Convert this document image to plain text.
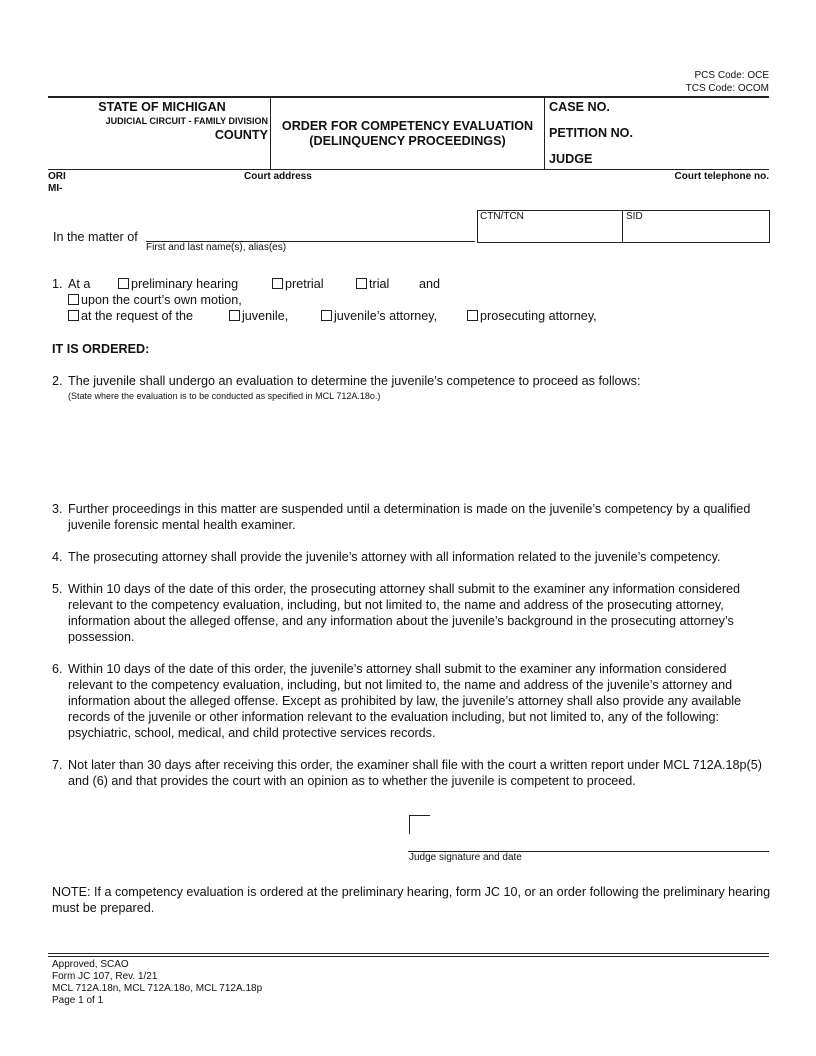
PCS Code: OCE
TCS Code: OCOM
STATE OF MICHIGAN
JUDICIAL CIRCUIT - FAMILY DIVISION
COUNTY
ORDER FOR COMPETENCY EVALUATION
(DELINQUENCY PROCEEDINGS)
CASE NO.
PETITION NO.
JUDGE
ORI
MI-
Court address	Court telephone no.
In the matter of
First and last name(s), alias(es)
CTN/TCN	SID
1. At a	preliminary hearing	pretrial	trial and
upon the court’s own motion,
at the request of the	juvenile,	juvenile’s attorney,	prosecuting attorney,
IT IS ORDERED:
2. The juvenile shall undergo an evaluation to determine the juvenile’s competence to proceed as follows:
(State where the evaluation is to be conducted as specified in MCL 712A.18o.)
3. Further proceedings in this matter are suspended until a determination is made on the juvenile’s competency by a qualified juvenile forensic mental health examiner.
4. The prosecuting attorney shall provide the juvenile’s attorney with all information related to the juvenile’s competency.
5. Within 10 days of the date of this order, the prosecuting attorney shall submit to the examiner any information considered relevant to the competency evaluation, including, but not limited to, the name and address of the prosecuting attorney, information about the alleged offense, and any information about the juvenile’s background in the prosecuting attorney’s possession.
6. Within 10 days of the date of this order, the juvenile’s attorney shall submit to the examiner any information considered relevant to the competency evaluation, including, but not limited to, the name and address of the juvenile’s attorney and information about the alleged offense. Except as prohibited by law, the juvenile’s attorney shall also provide any available records of the juvenile or other information relevant to the evaluation including, but not limited to, any of the following: psychiatric, school, medical, and child protective services records.
7. Not later than 30 days after receiving this order, the examiner shall file with the court a written report under MCL 712A.18p(5) and (6) and that provides the court with an opinion as to whether the juvenile is competent to proceed.
Judge signature and date
NOTE: If a competency evaluation is ordered at the preliminary hearing, form JC 10, or an order following the preliminary hearing must be prepared.
Approved, SCAO
Form JC 107, Rev. 1/21
MCL 712A.18n, MCL 712A.18o, MCL 712A.18p
Page 1 of 1
